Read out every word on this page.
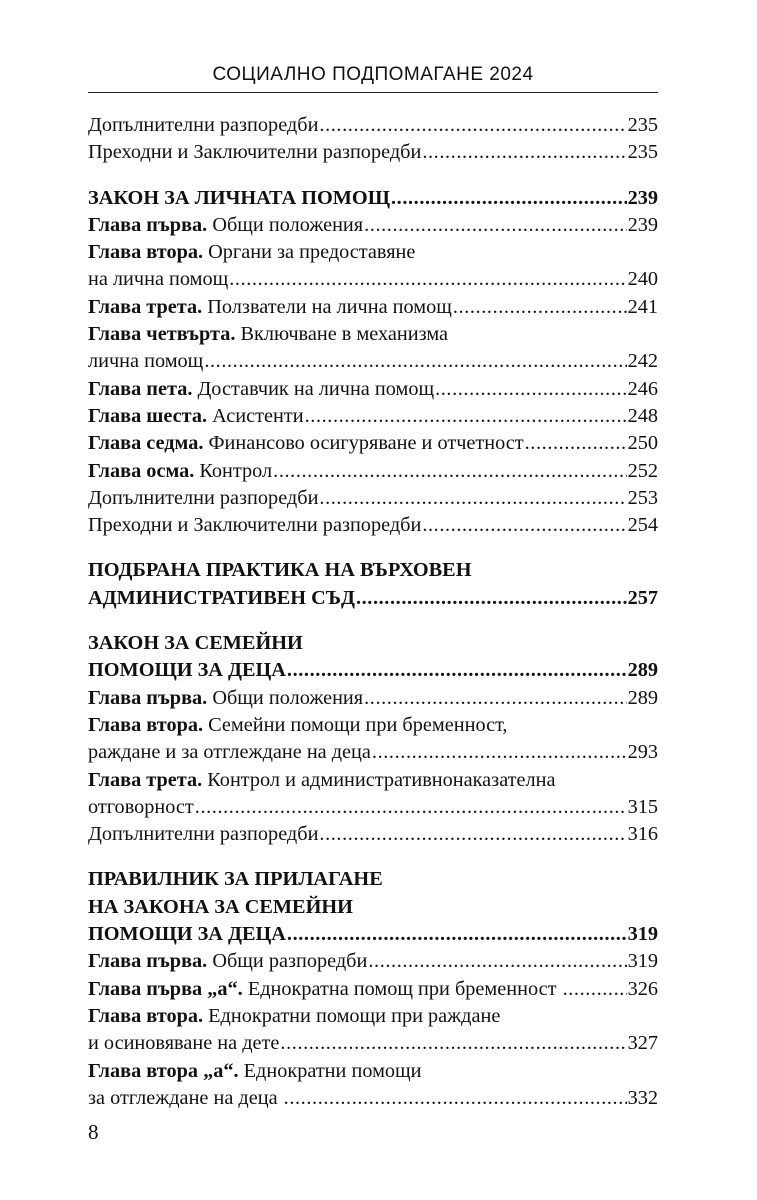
СОЦИАЛНО ПОДПОМАГАНЕ 2024
Допълнителни разпоредби .....	235
Преходни и Заключителни разпоредби .....	235
ЗАКОН ЗА ЛИЧНАТА ПОМОЩ .....	239
Глава първа. Общи положения .....	239
Глава втора. Органи за предоставяне
на лична помощ .....	240
Глава трета. Ползватели на лична помощ .....	241
Глава четвърта. Включване в механизма
лична помощ .....	242
Глава пета. Доставчик на лична помощ .....	246
Глава шеста. Асистенти .....	248
Глава седма. Финансово осигуряване и отчетност .....	250
Глава осма. Контрол .....	252
Допълнителни разпоредби .....	253
Преходни и Заключителни разпоредби .....	254
ПОДБРАНА ПРАКТИКА НА ВЪРХОВЕН
АДМИНИСТРАТИВЕН СЪД .....	257
ЗАКОН ЗА СЕМЕЙНИ
ПОМОЩИ ЗА ДЕЦА .....	289
Глава първа. Общи положения .....	289
Глава втора. Семейни помощи при бременност,
раждане и за отглеждане на деца .....	293
Глава трета. Контрол и административнонаказателна
отговорност .....	315
Допълнителни разпоредби .....	316
ПРАВИЛНИК ЗА ПРИЛАГАНЕ
НА ЗАКОНА ЗА СЕМЕЙНИ
ПОМОЩИ ЗА ДЕЦА .....	319
Глава първа. Общи разпоредби .....	319
Глава първа „а“. Еднократна помощ при бременност .....	326
Глава втора. Еднократни помощи при раждане
и осиновяване на дете .....	327
Глава втора „а“. Еднократни помощи
за отглеждане на деца .....	332
8
